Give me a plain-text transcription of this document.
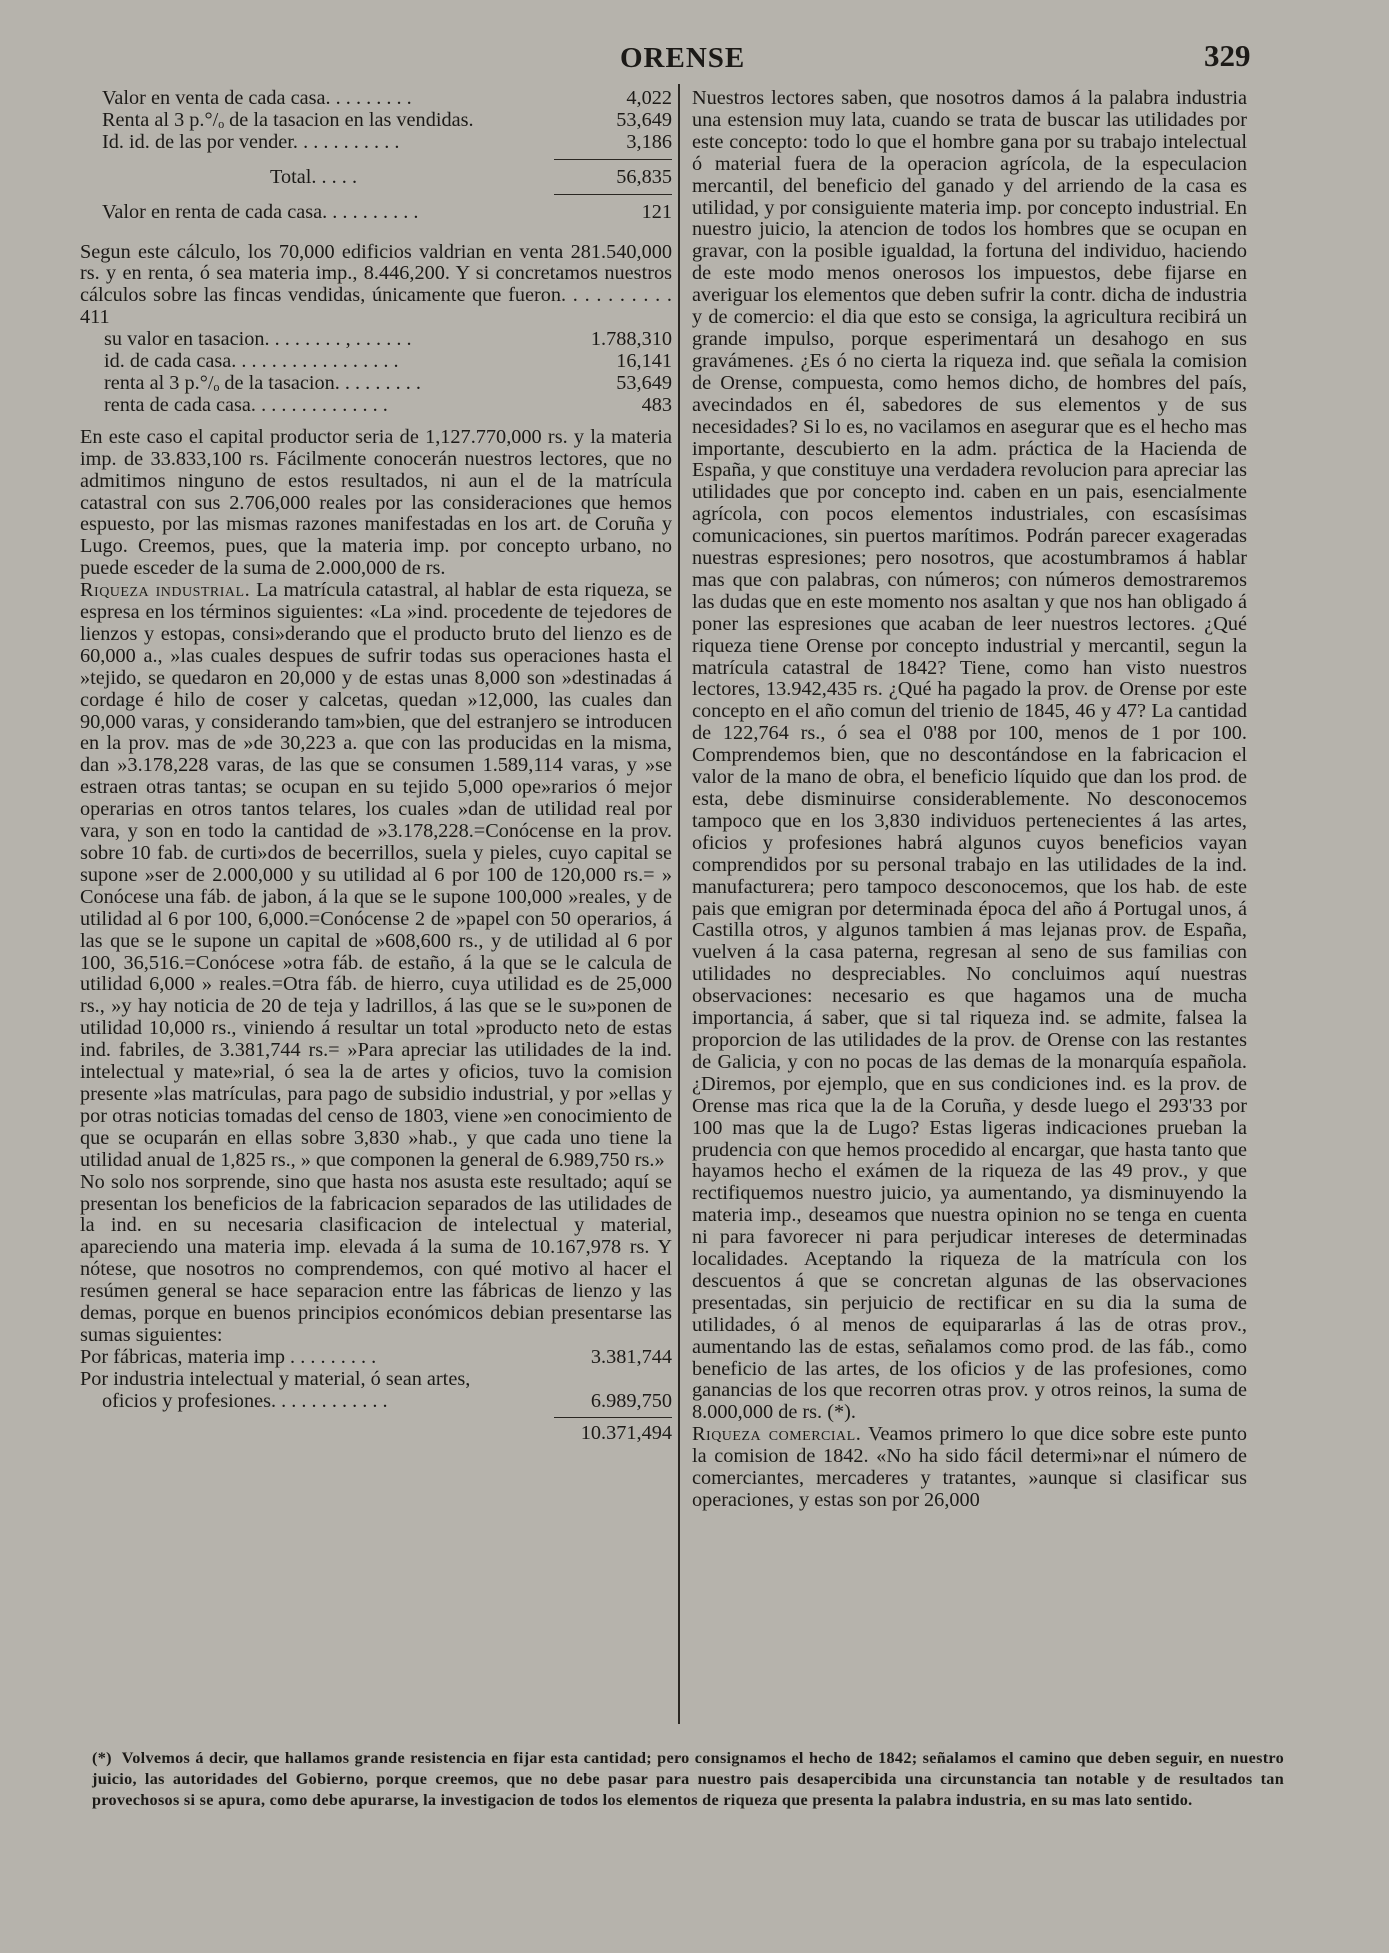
ORENSE	329
Valor en venta de cada casa. . . . . . . . .	4,022
Renta al 3 p.°/ₒ de la tasacion en las vendidas.	53,649
Id. id. de las por vender. . . . . . . . . . .	3,186
Total. . . . .	56,835
Valor en renta de cada casa. . . . . . . . . .	121

Segun este cálculo, los 70,000 edificios valdrian en venta 281.540,000 rs. y en renta, ó sea materia imp., 8.446,200. Y si concretamos nuestros cálculos sobre las fincas vendidas, únicamente que fueron. . . . . . . . . . 411

su valor en tasacion. . . . . . . . , . . . . . .	1.788,310
id. de cada casa. . . . . . . . . . . . . . . . .	16,141
renta al 3 p.°/ₒ de la tasacion. . . . . . . . .	53,649
renta de cada casa. . . . . . . . . . . . . .	483

En este caso el capital productor seria de 1,127.770,000 rs. y la materia imp. de 33.833,100 rs. Fácilmente conocerán nuestros lectores, que no admitimos ninguno de estos resultados, ni aun el de la matrícula catastral con sus 2.706,000 reales por las consideraciones que hemos espuesto, por las mismas razones manifestadas en los art. de Coruña y Lugo. Creemos, pues, que la materia imp. por concepto urbano, no puede esceder de la suma de 2.000,000 de rs.

Riqueza industrial. La matrícula catastral, al hablar de esta riqueza, se espresa en los términos siguientes: «La »ind. procedente de tejedores de lienzos y estopas, consi»derando que el producto bruto del lienzo es de 60,000 a., »las cuales despues de sufrir todas sus operaciones hasta el »tejido, se quedaron en 20,000 y de estas unas 8,000 son »destinadas á cordage é hilo de coser y calcetas, quedan »12,000, las cuales dan 90,000 varas, y considerando tam»bien, que del estranjero se introducen en la prov. mas de »de 30,223 a. que con las producidas en la misma, dan »3.178,228 varas, de las que se consumen 1.589,114 varas, y »se estraen otras tantas; se ocupan en su tejido 5,000 ope»rarios ó mejor operarias en otros tantos telares, los cuales »dan de utilidad real por vara, y son en todo la cantidad de »3.178,228.=Conócense en la prov. sobre 10 fab. de curti»dos de becerrillos, suela y pieles, cuyo capital se supone »ser de 2.000,000 y su utilidad al 6 por 100 de 120,000 rs.= » Conócese una fáb. de jabon, á la que se le supone 100,000 »reales, y de utilidad al 6 por 100, 6,000.=Conócense 2 de »papel con 50 operarios, á las que se le supone un capital de »608,600 rs., y de utilidad al 6 por 100, 36,516.=Conócese »otra fáb. de estaño, á la que se le calcula de utilidad 6,000 » reales.=Otra fáb. de hierro, cuya utilidad es de 25,000 rs., »y hay noticia de 20 de teja y ladrillos, á las que se le su»ponen de utilidad 10,000 rs., viniendo á resultar un total »producto neto de estas ind. fabriles, de 3.381,744 rs.= »Para apreciar las utilidades de la ind. intelectual y mate»rial, ó sea la de artes y oficios, tuvo la comision presente »las matrículas, para pago de subsidio industrial, y por »ellas y por otras noticias tomadas del censo de 1803, viene »en conocimiento de que se ocuparán en ellas sobre 3,830 »hab., y que cada uno tiene la utilidad anual de 1,825 rs., » que componen la general de 6.989,750 rs.»

No solo nos sorprende, sino que hasta nos asusta este resultado; aquí se presentan los beneficios de la fabricacion separados de las utilidades de la ind. en su necesaria clasificacion de intelectual y material, apareciendo una materia imp. elevada á la suma de 10.167,978 rs. Y nótese, que nosotros no comprendemos, con qué motivo al hacer el resúmen general se hace separacion entre las fábricas de lienzo y las demas, porque en buenos principios económicos debian presentarse las sumas siguientes:

Por fábricas, materia imp . . . . . . . . .	3.381,744
Por industria intelectual y material, ó sean artes,
oficios y profesiones. . . . . . . . . . . .	6.989,750
10.371,494

Nuestros lectores saben, que nosotros damos á la palabra industria una estension muy lata, cuando se trata de buscar las utilidades por este concepto: todo lo que el hombre gana por su trabajo intelectual ó material fuera de la operacion agrícola, de la especulacion mercantil, del beneficio del ganado y del arriendo de la casa es utilidad, y por consiguiente materia imp. por concepto industrial. En nuestro juicio, la atencion de todos los hombres que se ocupan en gravar, con la posible igualdad, la fortuna del individuo, haciendo de este modo menos onerosos los impuestos, debe fijarse en averiguar los elementos que deben sufrir la contr. dicha de industria y de comercio: el dia que esto se consiga, la agricultura recibirá un grande impulso, porque esperimentará un desahogo en sus gravámenes. ¿Es ó no cierta la riqueza ind. que señala la comision de Orense, compuesta, como hemos dicho, de hombres del país, avecindados en él, sabedores de sus elementos y de sus necesidades? Si lo es, no vacilamos en asegurar que es el hecho mas importante, descubierto en la adm. práctica de la Hacienda de España, y que constituye una verdadera revolucion para apreciar las utilidades que por concepto ind. caben en un pais, esencialmente agrícola, con pocos elementos industriales, con escasísimas comunicaciones, sin puertos marítimos. Podrán parecer exageradas nuestras espresiones; pero nosotros, que acostumbramos á hablar mas que con palabras, con números; con números demostraremos las dudas que en este momento nos asaltan y que nos han obligado á poner las espresiones que acaban de leer nuestros lectores. ¿Qué riqueza tiene Orense por concepto industrial y mercantil, segun la matrícula catastral de 1842? Tiene, como han visto nuestros lectores, 13.942,435 rs. ¿Qué ha pagado la prov. de Orense por este concepto en el año comun del trienio de 1845, 46 y 47? La cantidad de 122,764 rs., ó sea el 0'88 por 100, menos de 1 por 100. Comprendemos bien, que no descontándose en la fabricacion el valor de la mano de obra, el beneficio líquido que dan los prod. de esta, debe disminuirse considerablemente. No desconocemos tampoco que en los 3,830 individuos pertenecientes á las artes, oficios y profesiones habrá algunos cuyos beneficios vayan comprendidos por su personal trabajo en las utilidades de la ind. manufacturera; pero tampoco desconocemos, que los hab. de este pais que emigran por determinada época del año á Portugal unos, á Castilla otros, y algunos tambien á mas lejanas prov. de España, vuelven á la casa paterna, regresan al seno de sus familias con utilidades no despreciables. No concluimos aquí nuestras observaciones: necesario es que hagamos una de mucha importancia, á saber, que si tal riqueza ind. se admite, falsea la proporcion de las utilidades de la prov. de Orense con las restantes de Galicia, y con no pocas de las demas de la monarquía española. ¿Diremos, por ejemplo, que en sus condiciones ind. es la prov. de Orense mas rica que la de la Coruña, y desde luego el 293'33 por 100 mas que la de Lugo? Estas ligeras indicaciones prueban la prudencia con que hemos procedido al encargar, que hasta tanto que hayamos hecho el exámen de la riqueza de las 49 prov., y que rectifiquemos nuestro juicio, ya aumentando, ya disminuyendo la materia imp., deseamos que nuestra opinion no se tenga en cuenta ni para favorecer ni para perjudicar intereses de determinadas localidades. Aceptando la riqueza de la matrícula con los descuentos á que se concretan algunas de las observaciones presentadas, sin perjuicio de rectificar en su dia la suma de utilidades, ó al menos de equipararlas á las de otras prov., aumentando las de estas, señalamos como prod. de las fáb., como beneficio de las artes, de los oficios y de las profesiones, como ganancias de los que recorren otras prov. y otros reinos, la suma de 8.000,000 de rs. (*).

Riqueza comercial. Veamos primero lo que dice sobre este punto la comision de 1842. «No ha sido fácil determi»nar el número de comerciantes, mercaderes y tratantes, »aunque si clasificar sus operaciones, y estas son por 26,000

(*) Volvemos á decir, que hallamos grande resistencia en fijar esta cantidad; pero consignamos el hecho de 1842; señalamos el camino que deben seguir, en nuestro juicio, las autoridades del Gobierno, porque creemos, que no debe pasar para nuestro pais desapercibida una circunstancia tan notable y de resultados tan provechosos si se apura, como debe apurarse, la investigacion de todos los elementos de riqueza que presenta la palabra industria, en su mas lato sentido.
